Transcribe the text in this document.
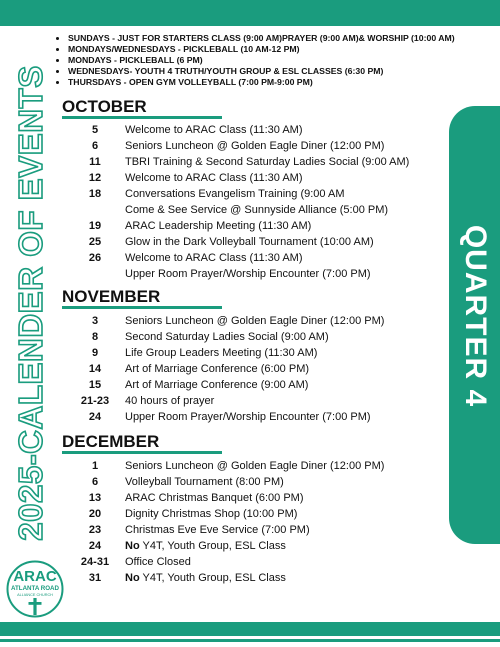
• SUNDAYS - JUST FOR STARTERS CLASS (9:00 AM)PRAYER (9:00 AM)& WORSHIP (10:00 AM)
• MONDAYS/WEDNESDAYS - PICKLEBALL (10 AM-12 PM)
• MONDAYS - PICKLEBALL (6 PM)
• WEDNESDAYS- YOUTH 4 TRUTH/YOUTH GROUP & ESL CLASSES (6:30 PM)
• THURSDAYS - OPEN GYM VOLLEYBALL (7:00 PM-9:00 PM)
2025-CALENDER OF EVENTS	QUARTER 4
OCTOBER
5	Welcome to ARAC Class (11:30 AM)
6	Seniors Luncheon @ Golden Eagle Diner (12:00 PM)
11	TBRI Training & Second Saturday Ladies Social (9:00 AM)
12	Welcome to ARAC Class (11:30 AM)
18	Conversations Evangelism Training (9:00 AM
Come & See Service @ Sunnyside Alliance (5:00 PM)
19	ARAC Leadership Meeting (11:30 AM)
25	Glow in the Dark Volleyball Tournament (10:00 AM)
26	Welcome to ARAC Class (11:30 AM)
Upper Room Prayer/Worship Encounter (7:00 PM)
NOVEMBER
3	Seniors Luncheon @ Golden Eagle Diner (12:00 PM)
8	Second Saturday Ladies Social (9:00 AM)
9	Life Group Leaders Meeting (11:30 AM)
14	Art of Marriage Conference (6:00 PM)
15	Art of Marriage Conference (9:00 AM)
21-23	40 hours of prayer
24	Upper Room Prayer/Worship Encounter (7:00 PM)
DECEMBER
1	Seniors Luncheon @ Golden Eagle Diner (12:00 PM)
6	Volleyball Tournament (8:00 PM)
13	ARAC Christmas Banquet (6:00 PM)
20	Dignity Christmas Shop (10:00 PM)
23	Christmas Eve Eve Service (7:00 PM)
24	No Y4T, Youth Group, ESL Class
24-31	Office Closed
31	No Y4T, Youth Group, ESL Class
ARAC
ATLANTA ROAD
ALLIANCE CHURCH
